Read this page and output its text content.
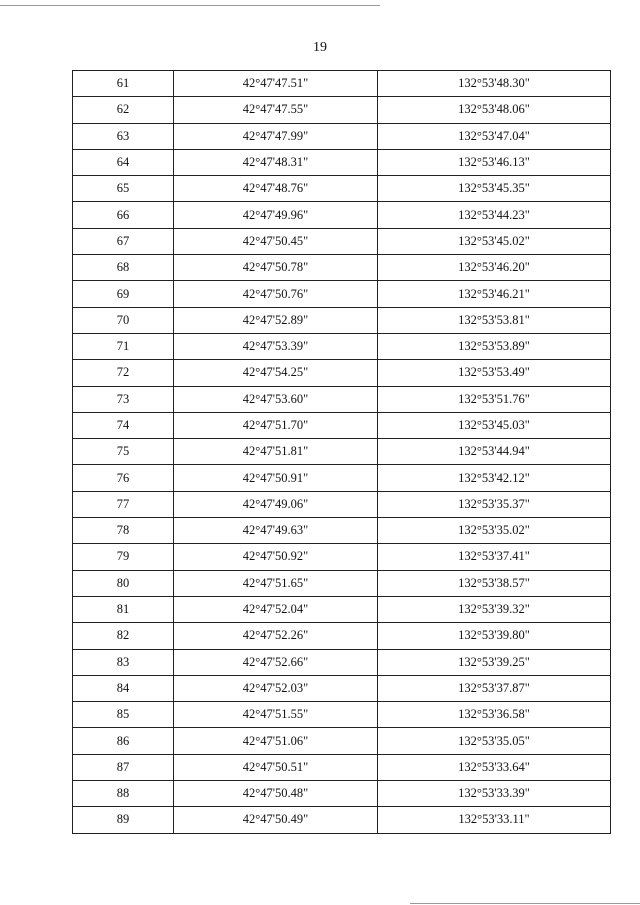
19
61	42°47'47.51"	132°53'48.30"
62	42°47'47.55"	132°53'48.06"
63	42°47'47.99"	132°53'47.04"
64	42°47'48.31"	132°53'46.13"
65	42°47'48.76"	132°53'45.35"
66	42°47'49.96"	132°53'44.23"
67	42°47'50.45"	132°53'45.02"
68	42°47'50.78"	132°53'46.20"
69	42°47'50.76"	132°53'46.21"
70	42°47'52.89"	132°53'53.81"
71	42°47'53.39"	132°53'53.89"
72	42°47'54.25"	132°53'53.49"
73	42°47'53.60"	132°53'51.76"
74	42°47'51.70"	132°53'45.03"
75	42°47'51.81"	132°53'44.94"
76	42°47'50.91"	132°53'42.12"
77	42°47'49.06"	132°53'35.37"
78	42°47'49.63"	132°53'35.02"
79	42°47'50.92"	132°53'37.41"
80	42°47'51.65"	132°53'38.57"
81	42°47'52.04"	132°53'39.32"
82	42°47'52.26"	132°53'39.80"
83	42°47'52.66"	132°53'39.25"
84	42°47'52.03"	132°53'37.87"
85	42°47'51.55"	132°53'36.58"
86	42°47'51.06"	132°53'35.05"
87	42°47'50.51"	132°53'33.64"
88	42°47'50.48"	132°53'33.39"
89	42°47'50.49"	132°53'33.11"
